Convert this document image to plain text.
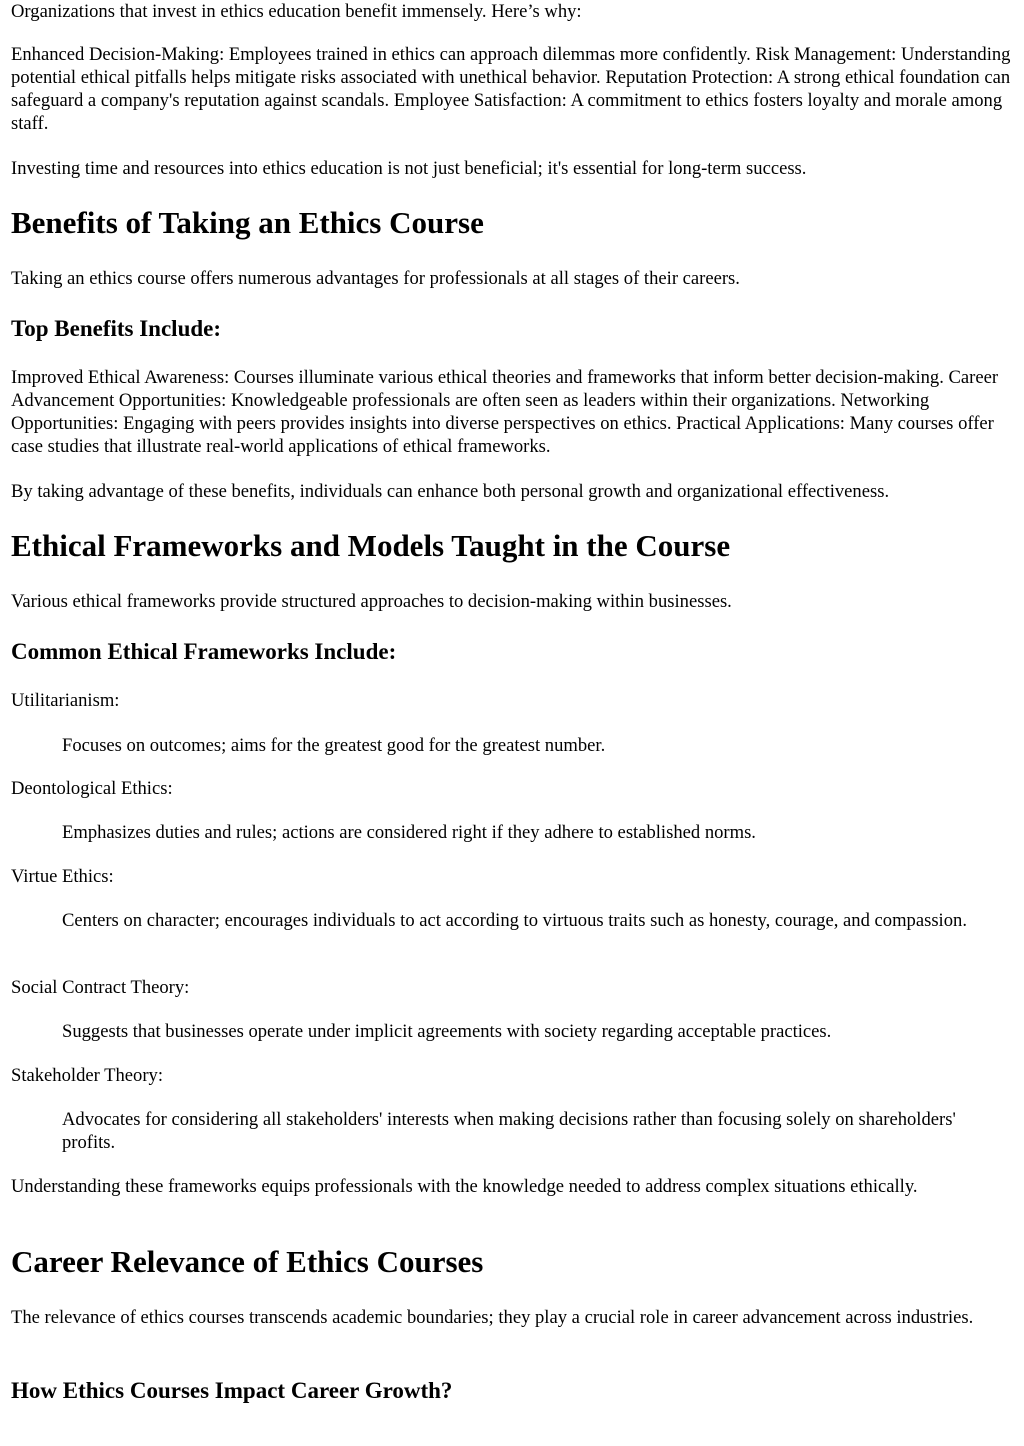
Organizations that invest in ethics education benefit immensely. Here’s why:

Enhanced Decision-Making: Employees trained in ethics can approach dilemmas more confidently. Risk Management: Understanding potential ethical pitfalls helps mitigate risks associated with unethical behavior. Reputation Protection: A strong ethical foundation can safeguard a company's reputation against scandals. Employee Satisfaction: A commitment to ethics fosters loyalty and morale among staff.

Investing time and resources into ethics education is not just beneficial; it's essential for long-term success.

Benefits of Taking an Ethics Course

Taking an ethics course offers numerous advantages for professionals at all stages of their careers.

Top Benefits Include:

Improved Ethical Awareness: Courses illuminate various ethical theories and frameworks that inform better decision-making. Career Advancement Opportunities: Knowledgeable professionals are often seen as leaders within their organizations. Networking Opportunities: Engaging with peers provides insights into diverse perspectives on ethics. Practical Applications: Many courses offer case studies that illustrate real-world applications of ethical frameworks.

By taking advantage of these benefits, individuals can enhance both personal growth and organizational effectiveness.

Ethical Frameworks and Models Taught in the Course

Various ethical frameworks provide structured approaches to decision-making within businesses.

Common Ethical Frameworks Include:
Utilitarianism:
Focuses on outcomes; aims for the greatest good for the greatest number.
Deontological Ethics:
Emphasizes duties and rules; actions are considered right if they adhere to established norms.
Virtue Ethics:
Centers on character; encourages individuals to act according to virtuous traits such as honesty, courage, and compassion.
Social Contract Theory:
Suggests that businesses operate under implicit agreements with society regarding acceptable practices.
Stakeholder Theory:
Advocates for considering all stakeholders' interests when making decisions rather than focusing solely on shareholders' profits.

Understanding these frameworks equips professionals with the knowledge needed to address complex situations ethically.

Career Relevance of Ethics Courses

The relevance of ethics courses transcends academic boundaries; they play a crucial role in career advancement across industries.

How Ethics Courses Impact Career Growth?
